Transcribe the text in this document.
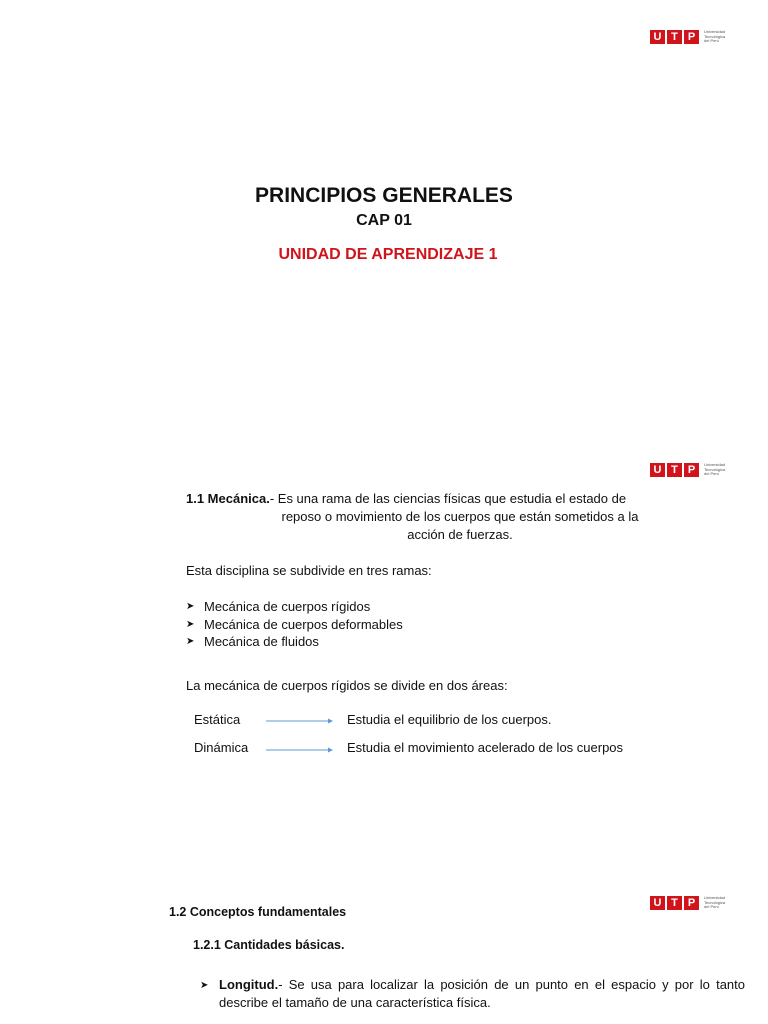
U T P	Universidad Tecnológica del Perú
PRINCIPIOS GENERALES
CAP 01
UNIDAD DE APRENDIZAJE 1
U T P	Universidad Tecnológica del Perú
1.1 Mecánica.- Es una rama de las ciencias físicas que estudia el estado de
reposo o movimiento de los cuerpos que están sometidos a la
acción de fuerzas.
Esta disciplina se subdivide en tres ramas:
➤ Mecánica de cuerpos rígidos
➤ Mecánica de cuerpos deformables
➤ Mecánica de fluidos
La mecánica de cuerpos rígidos se divide en dos áreas:
Estática	Estudia el equilibrio de los cuerpos.
Dinámica	Estudia el movimiento acelerado de los cuerpos
U T P	Universidad Tecnológica del Perú
1.2 Conceptos fundamentales
1.2.1 Cantidades básicas.
➤ Longitud.- Se usa para localizar la posición de un punto en el espacio y por lo tanto describe el tamaño de una característica física.
